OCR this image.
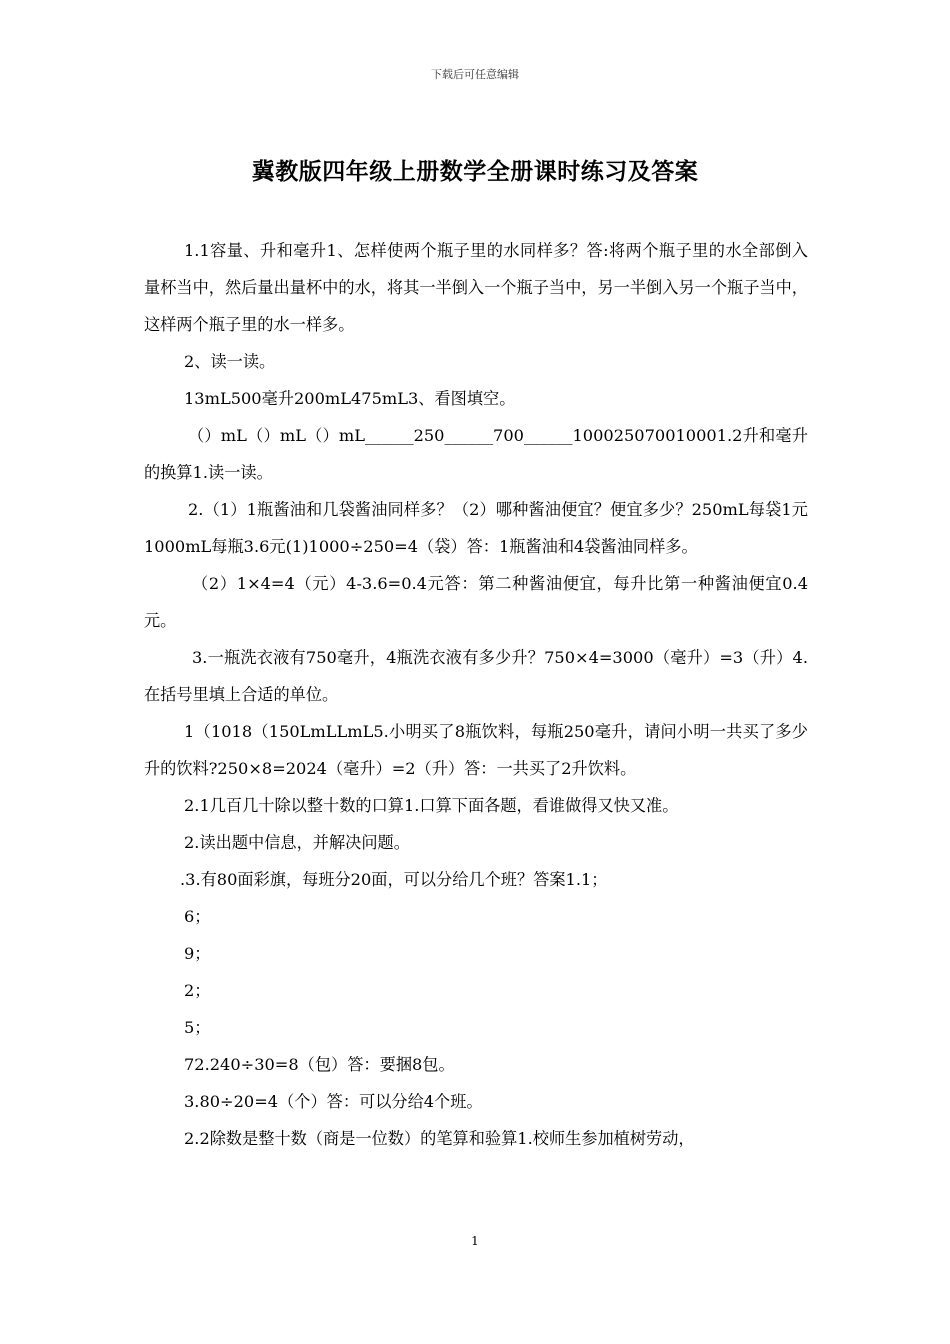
下载后可任意编辑
冀教版四年级上册数学全册课时练习及答案

1.1容量、升和毫升1、怎样使两个瓶子里的水同样多？答:将两个瓶子里的水全部倒入量杯当中，然后量出量杯中的水，将其一半倒入一个瓶子当中，另一半倒入另一个瓶子当中，这样两个瓶子里的水一样多。

2、读一读。

13mL500毫升200mL475mL3、看图填空。

（）mL（）mL（）mL______250______700______100025070010001.2升和毫升的换算1.读一读。

2.（1）1瓶酱油和几袋酱油同样多？（2）哪种酱油便宜？便宜多少？250mL每袋1元1000mL每瓶3.6元(1)1000÷250=4（袋）答：1瓶酱油和4袋酱油同样多。

（2）1×4=4（元）4-3.6=0.4元答：第二种酱油便宜，每升比第一种酱油便宜0.4元。

3.一瓶洗衣液有750毫升，4瓶洗衣液有多少升？750×4=3000（毫升）=3（升）4.在括号里填上合适的单位。

1（1018（150LmLLmL5.小明买了8瓶饮料，每瓶250毫升，请问小明一共买了多少升的饮料?250×8=2024（毫升）=2（升）答：一共买了2升饮料。

2.1几百几十除以整十数的口算1.口算下面各题，看谁做得又快又准。

2.读出题中信息，并解决问题。

.3.有80面彩旗，每班分20面，可以分给几个班？答案1.1；

6；

9；

2；

5；

72.240÷30=8（包）答：要捆8包。

3.80÷20=4（个）答：可以分给4个班。

2.2除数是整十数（商是一位数）的笔算和验算1.校师生参加植树劳动，

1
